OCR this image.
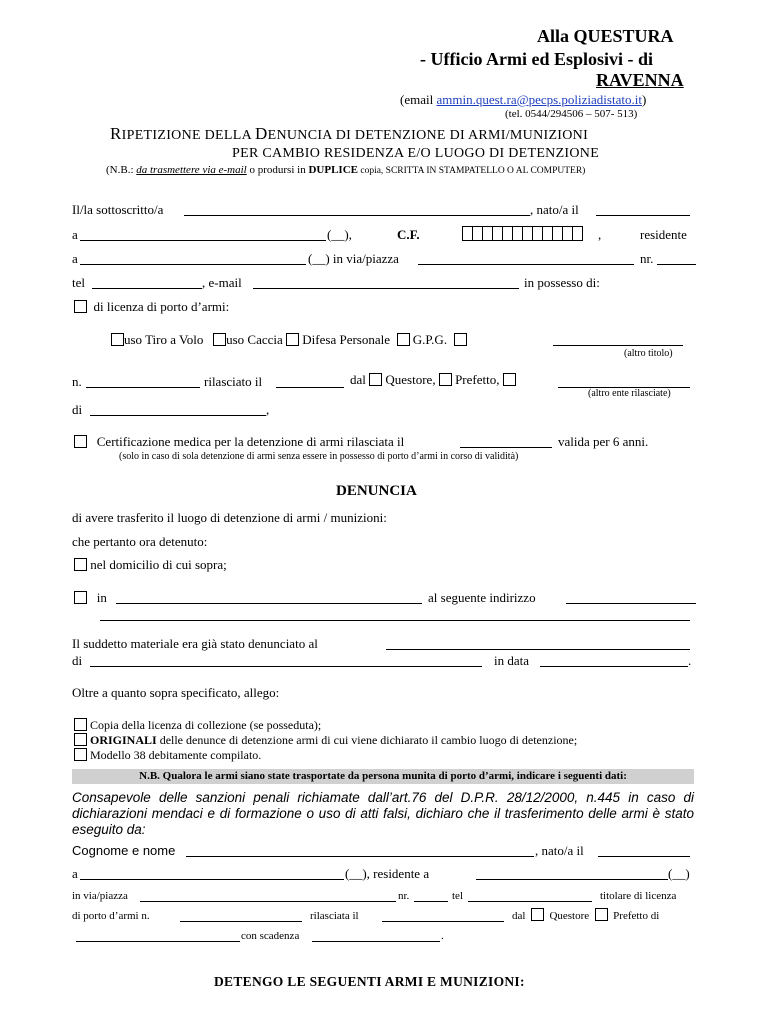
Alla QUESTURA
- Ufficio Armi ed Esplosivi - di
RAVENNA
(email ammin.quest.ra@pecps.poliziadistato.it)
(tel. 0544/294506 – 507- 513)
RIPETIZIONE DELLA DENUNCIA DI DETENZIONE DI ARMI/MUNIZIONI
PER CAMBIO RESIDENZA E/O LUOGO DI DETENZIONE
(N.B.: da trasmettere via e-mail o prodursi in DUPLICE copia, SCRITTA IN STAMPATELLO O AL COMPUTER)
Il/la sottoscritto/a	, nato/a il
a	(__),	C.F.	,	residente
a	(__) in via/piazza	nr.
tel	, e-mail	in possesso di:
di licenza di porto d’armi:
uso Tiro a Volo uso Caccia Difesa Personale G.P.G.
(altro titolo)
n.	rilasciato il	dal Questore, Prefetto,
(altro ente rilasciate)
di	,
Certificazione medica per la detenzione di armi rilasciata il	valida per 6 anni.
(solo in caso di sola detenzione di armi senza essere in possesso di porto d’armi in corso di validità)
DENUNCIA
di avere trasferito il luogo di detenzione di armi / munizioni:
che pertanto ora detenuto:
nel domicilio di cui sopra;
in	al seguente indirizzo
Il suddetto materiale era già stato denunciato al
di	in data	.
Oltre a quanto sopra specificato, allego:
Copia della licenza di collezione (se posseduta);
ORIGINALI delle denunce di detenzione armi di cui viene dichiarato il cambio luogo di detenzione;
Modello 38 debitamente compilato.
N.B. Qualora le armi siano state trasportate da persona munita di porto d’armi, indicare i seguenti dati:
Consapevole delle sanzioni penali richiamate dall’art.76 del D.P.R. 28/12/2000, n.445 in caso di dichiarazioni mendaci e di formazione o uso di atti falsi, dichiaro che il trasferimento delle armi è stato eseguito da:
Cognome e nome	, nato/a il
a	(__), residente a	(__)
in via/piazza	nr.	tel	titolare di licenza
di porto d’armi n.	rilasciata il	dal Questore Prefetto di
con scadenza	.
DETENGO LE SEGUENTI ARMI E MUNIZIONI:
